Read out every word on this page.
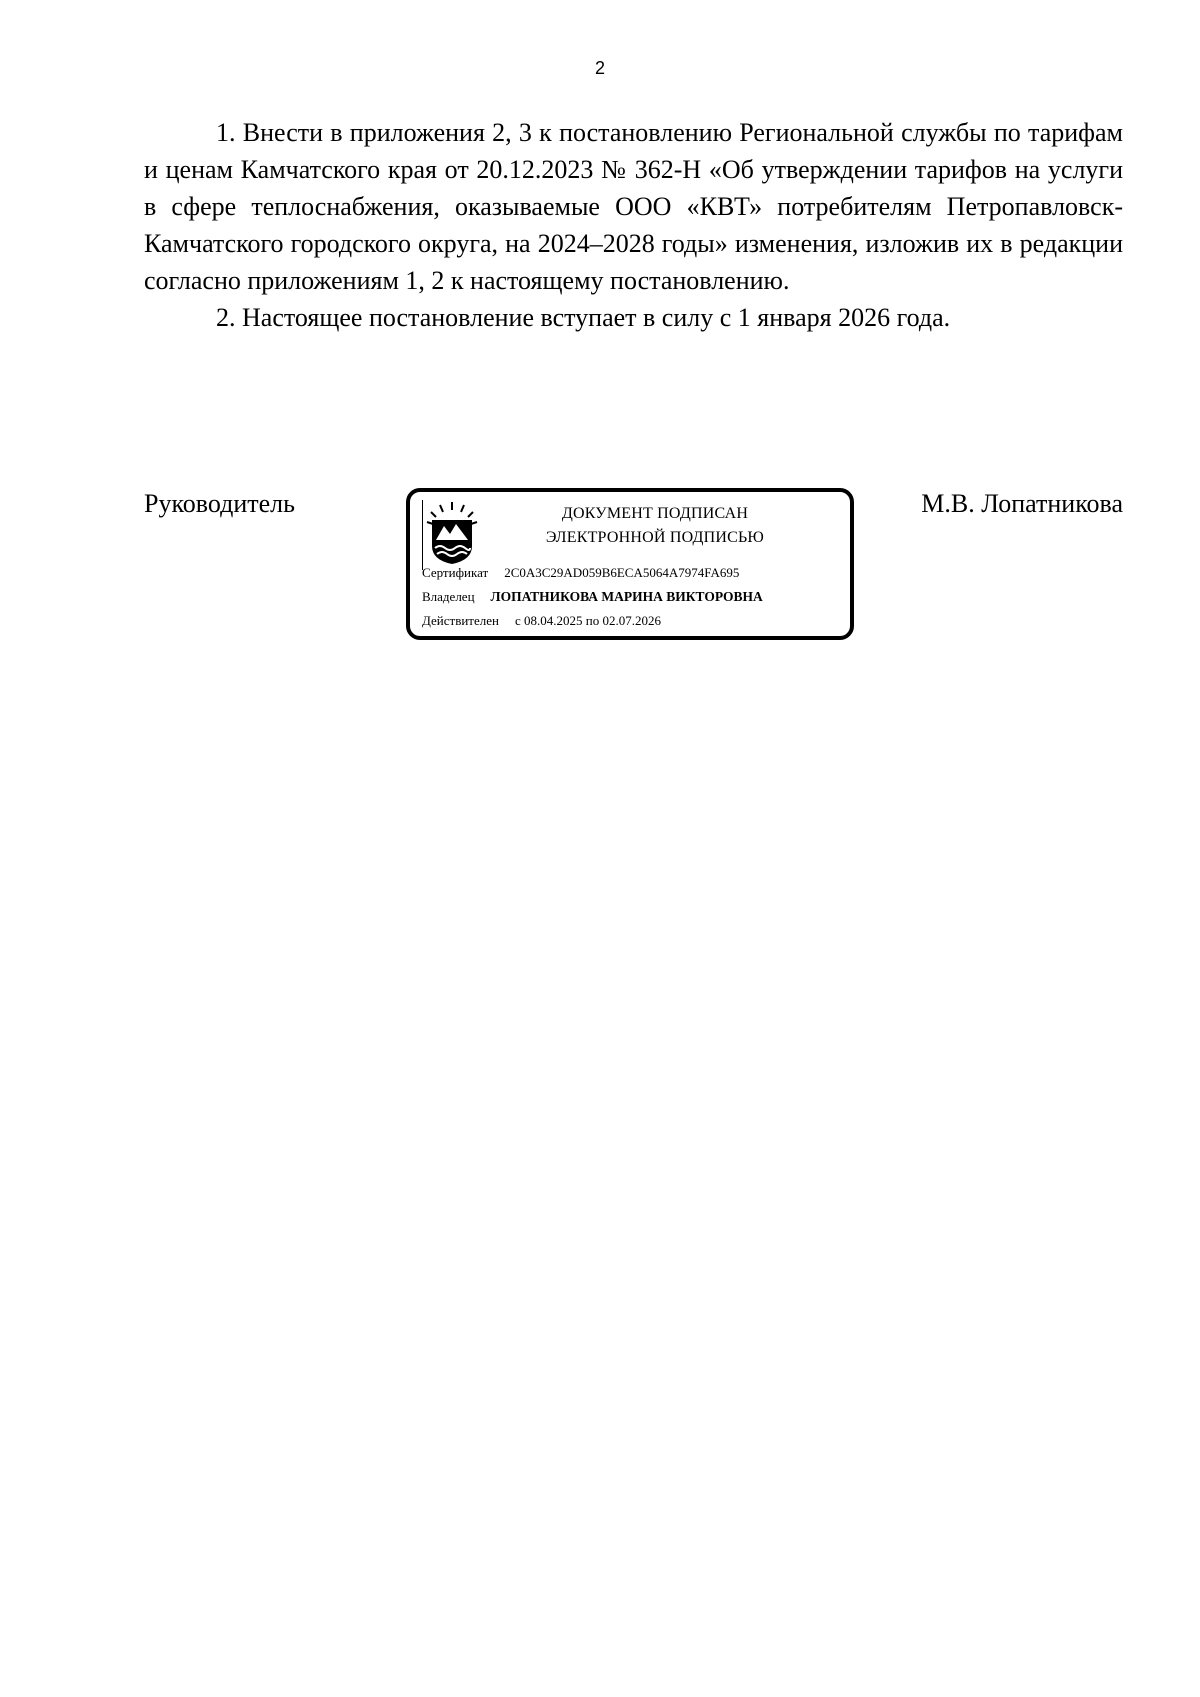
2

1. Внести в приложения 2, 3 к постановлению Региональной службы по тарифам и ценам Камчатского края от 20.12.2023 № 362-Н «Об утверждении тарифов на услуги в сфере теплоснабжения, оказываемые ООО «КВТ» потребителям Петропавловск-Камчатского городского округа, на 2024–2028 годы» изменения, изложив их в редакции согласно приложениям 1, 2 к настоящему постановлению.

2. Настоящее постановление вступает в силу с 1 января 2026 года.

Руководитель	ДОКУМЕНТ ПОДПИСАН
ЭЛЕКТРОННОЙ ПОДПИСЬЮ
Сертификат 2C0A3C29AD059B6ECA5064A7974FA695
Владелец ЛОПАТНИКОВА МАРИНА ВИКТОРОВНА
Действителен с 08.04.2025 по 02.07.2026
М.В. Лопатникова
